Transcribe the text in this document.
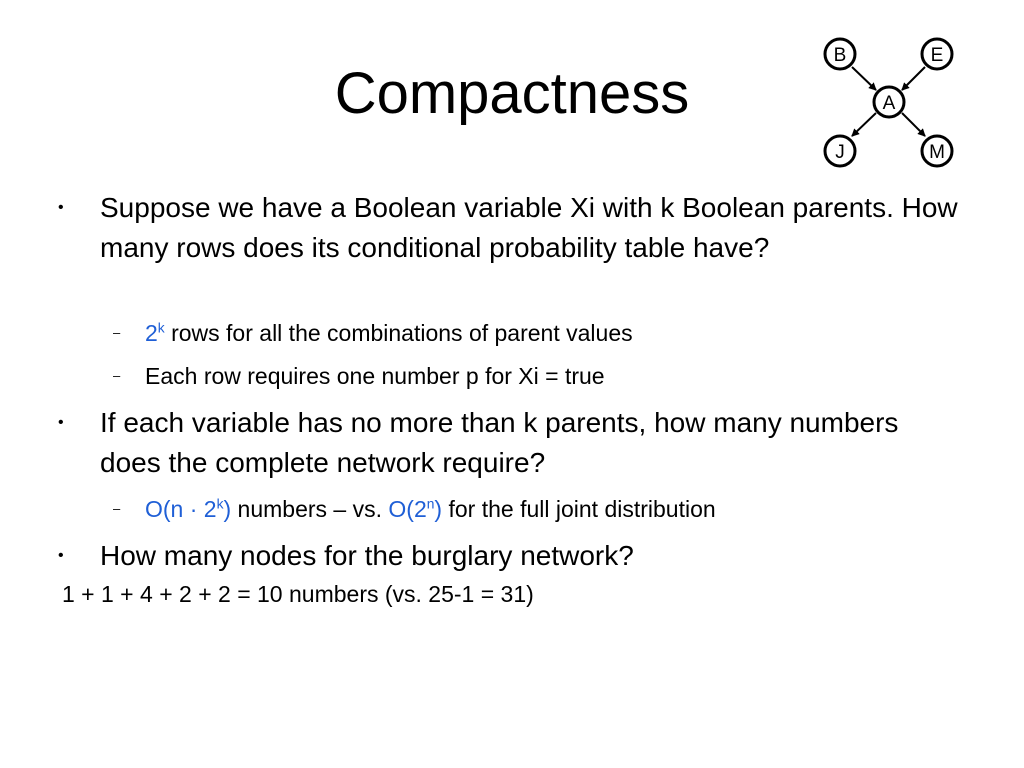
Compactness
B	E
A
J	M
• Suppose we have a Boolean variable Xi with k Boolean parents. How many rows does its conditional probability table have?
– 2$^k$ rows for all the combinations of parent values
– Each row requires one number p for Xi = true
• If each variable has no more than k parents, how many numbers does the complete network require?
– $O(n \cdot 2^k)$ numbers – vs. O(2$^n$) for the full joint distribution
• How many nodes for the burglary network?
1 + 1 + 4 + 2 + 2 = 10 numbers (vs. 25-1 = 31)
